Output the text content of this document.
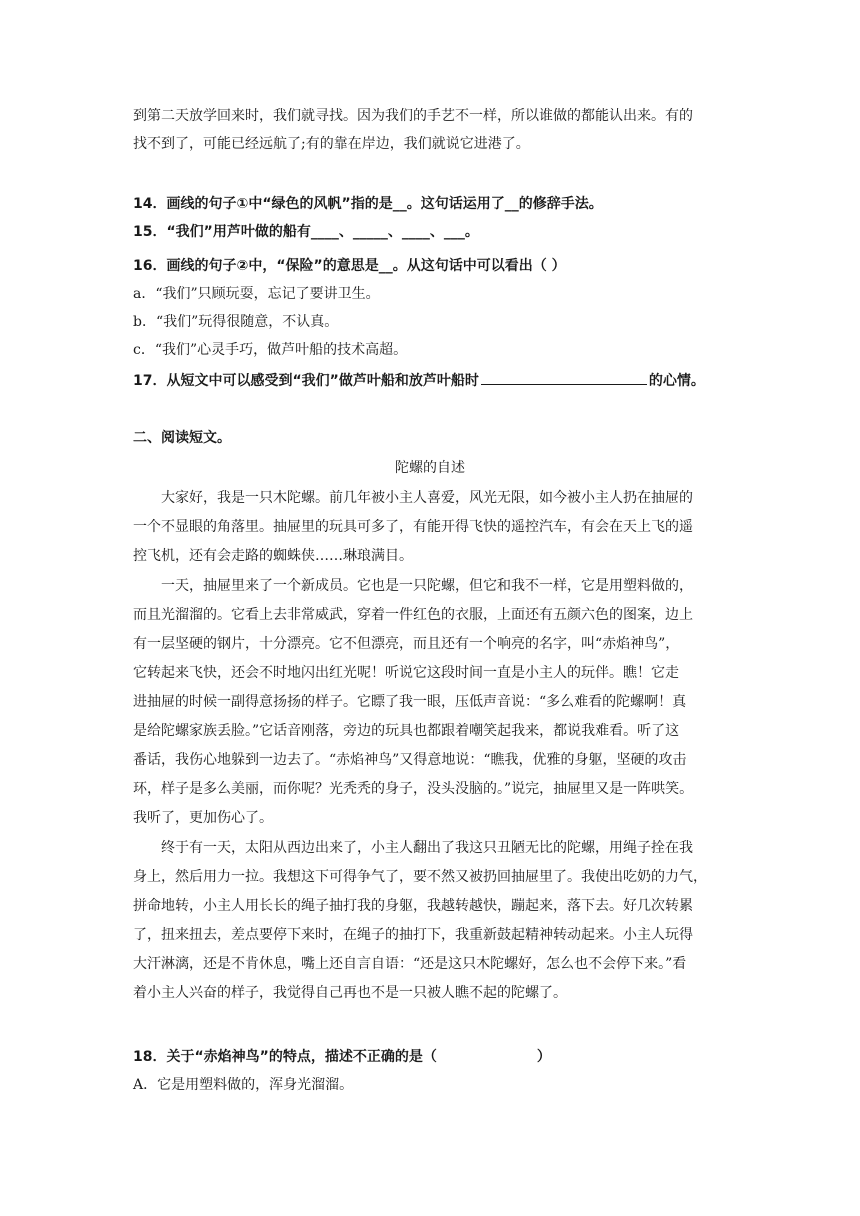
到第二天放学回来时，我们就寻找。因为我们的手艺不一样，所以谁做的都能认出来。有的
找不到了，可能已经远航了;有的靠在岸边，我们就说它进港了。
14．画线的句子①中“绿色的风帆”指的是__。这句话运用了__的修辞手法。
15．“我们”用芦叶做的船有____、_____、____、___。
16．画线的句子②中，“保险”的意思是__。从这句话中可以看出（ ）
a．“我们”只顾玩耍，忘记了要讲卫生。
b．“我们”玩得很随意，不认真。
c．“我们”心灵手巧，做芦叶船的技术高超。
17．从短文中可以感受到“我们”做芦叶船和放芦叶船时	的心情。
二、阅读短文。
陀螺的自述
大家好，我是一只木陀螺。前几年被小主人喜爱，风光无限，如今被小主人扔在抽屉的
一个不显眼的角落里。抽屉里的玩具可多了，有能开得飞快的遥控汽车，有会在天上飞的遥
控飞机，还有会走路的蜘蛛侠……琳琅满目。
一天，抽屉里来了一个新成员。它也是一只陀螺，但它和我不一样，它是用塑料做的，
而且光溜溜的。它看上去非常威武，穿着一件红色的衣服，上面还有五颜六色的图案，边上
有一层坚硬的钢片，十分漂亮。它不但漂亮，而且还有一个响亮的名字，叫“赤焰神鸟”，
它转起来飞快，还会不时地闪出红光呢！听说它这段时间一直是小主人的玩伴。瞧！它走
进抽屉的时候一副得意扬扬的样子。它瞟了我一眼，压低声音说：“多么难看的陀螺啊！真
是给陀螺家族丢脸。”它话音刚落，旁边的玩具也都跟着嘲笑起我来，都说我难看。听了这
番话，我伤心地躲到一边去了。“赤焰神鸟”又得意地说：“瞧我，优雅的身躯，坚硬的攻击
环，样子是多么美丽，而你呢？光秃秃的身子，没头没脑的。”说完，抽屉里又是一阵哄笑。
我听了，更加伤心了。
终于有一天，太阳从西边出来了，小主人翻出了我这只丑陋无比的陀螺，用绳子拴在我
身上，然后用力一拉。我想这下可得争气了，要不然又被扔回抽屉里了。我使出吃奶的力气，
拼命地转，小主人用长长的绳子抽打我的身躯，我越转越快，蹦起来，落下去。好几次转累
了，扭来扭去，差点要停下来时，在绳子的抽打下，我重新鼓起精神转动起来。小主人玩得
大汗淋漓，还是不肯休息，嘴上还自言自语：“还是这只木陀螺好，怎么也不会停下来。”看
着小主人兴奋的样子，我觉得自己再也不是一只被人瞧不起的陀螺了。
18．关于“赤焰神鸟”的特点，描述不正确的是（	）
A．它是用塑料做的，浑身光溜溜。
